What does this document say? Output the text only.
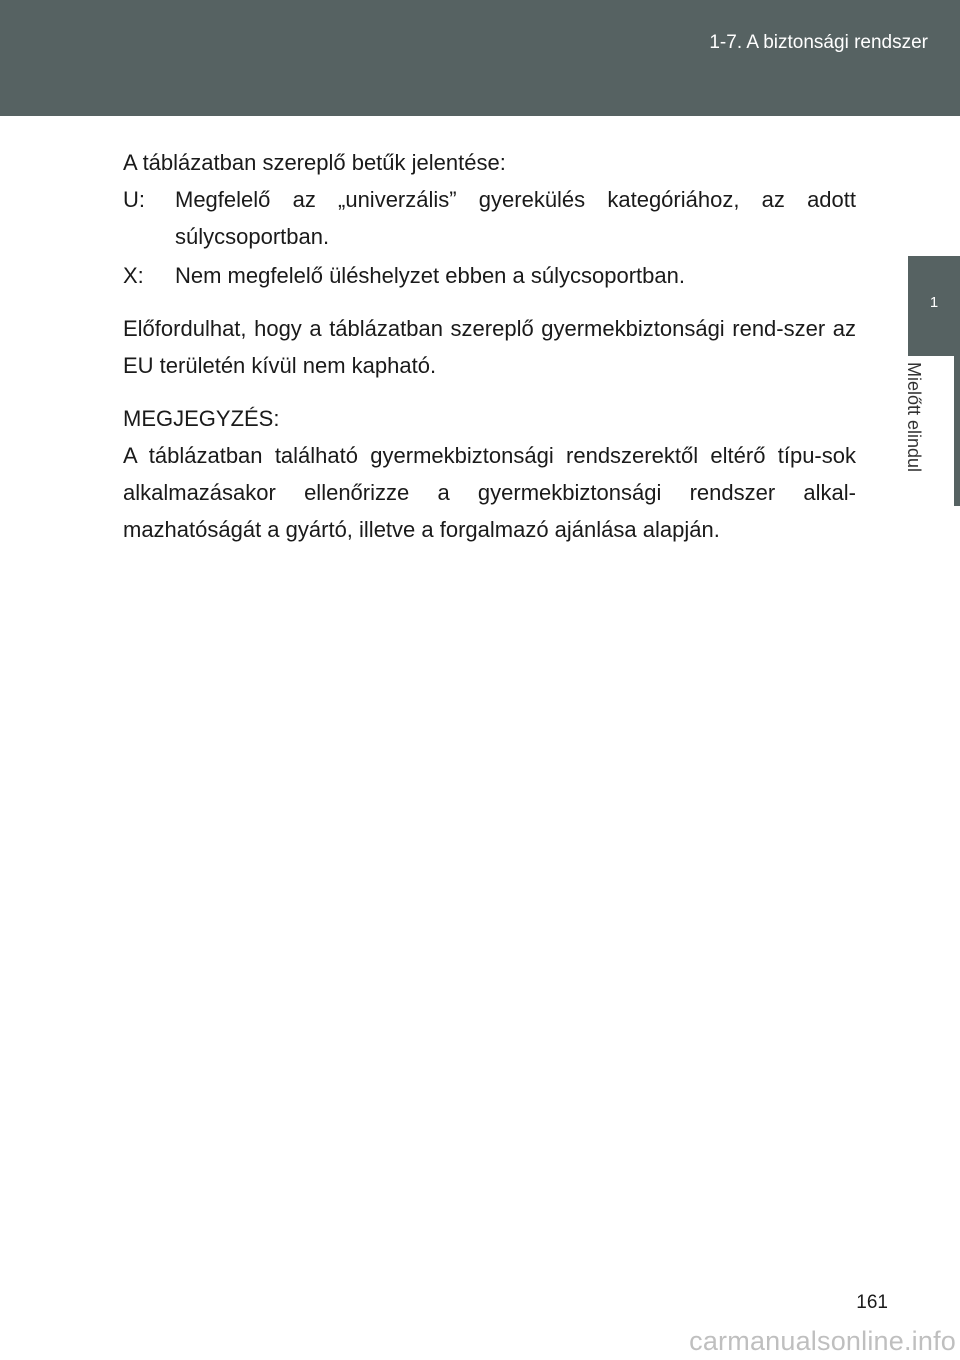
1-7. A biztonsági rendszer
1
Mielőtt elindul

A táblázatban szereplő betűk jelentése:

U:	Megfelelő az „univerzális” gyerekülés kategóriához, az adott súlycsoportban.
X:	Nem megfelelő üléshelyzet ebben a súlycsoportban.

Előfordulhat, hogy a táblázatban szereplő gyermekbiztonsági rend-szer az EU területén kívül nem kapható.

MEGJEGYZÉS:

A táblázatban található gyermekbiztonsági rendszerektől eltérő típu-sok alkalmazásakor ellenőrizze a gyermekbiztonsági rendszer alkal-mazhatóságát a gyártó, illetve a forgalmazó ajánlása alapján.

161
carmanualsonline.info
